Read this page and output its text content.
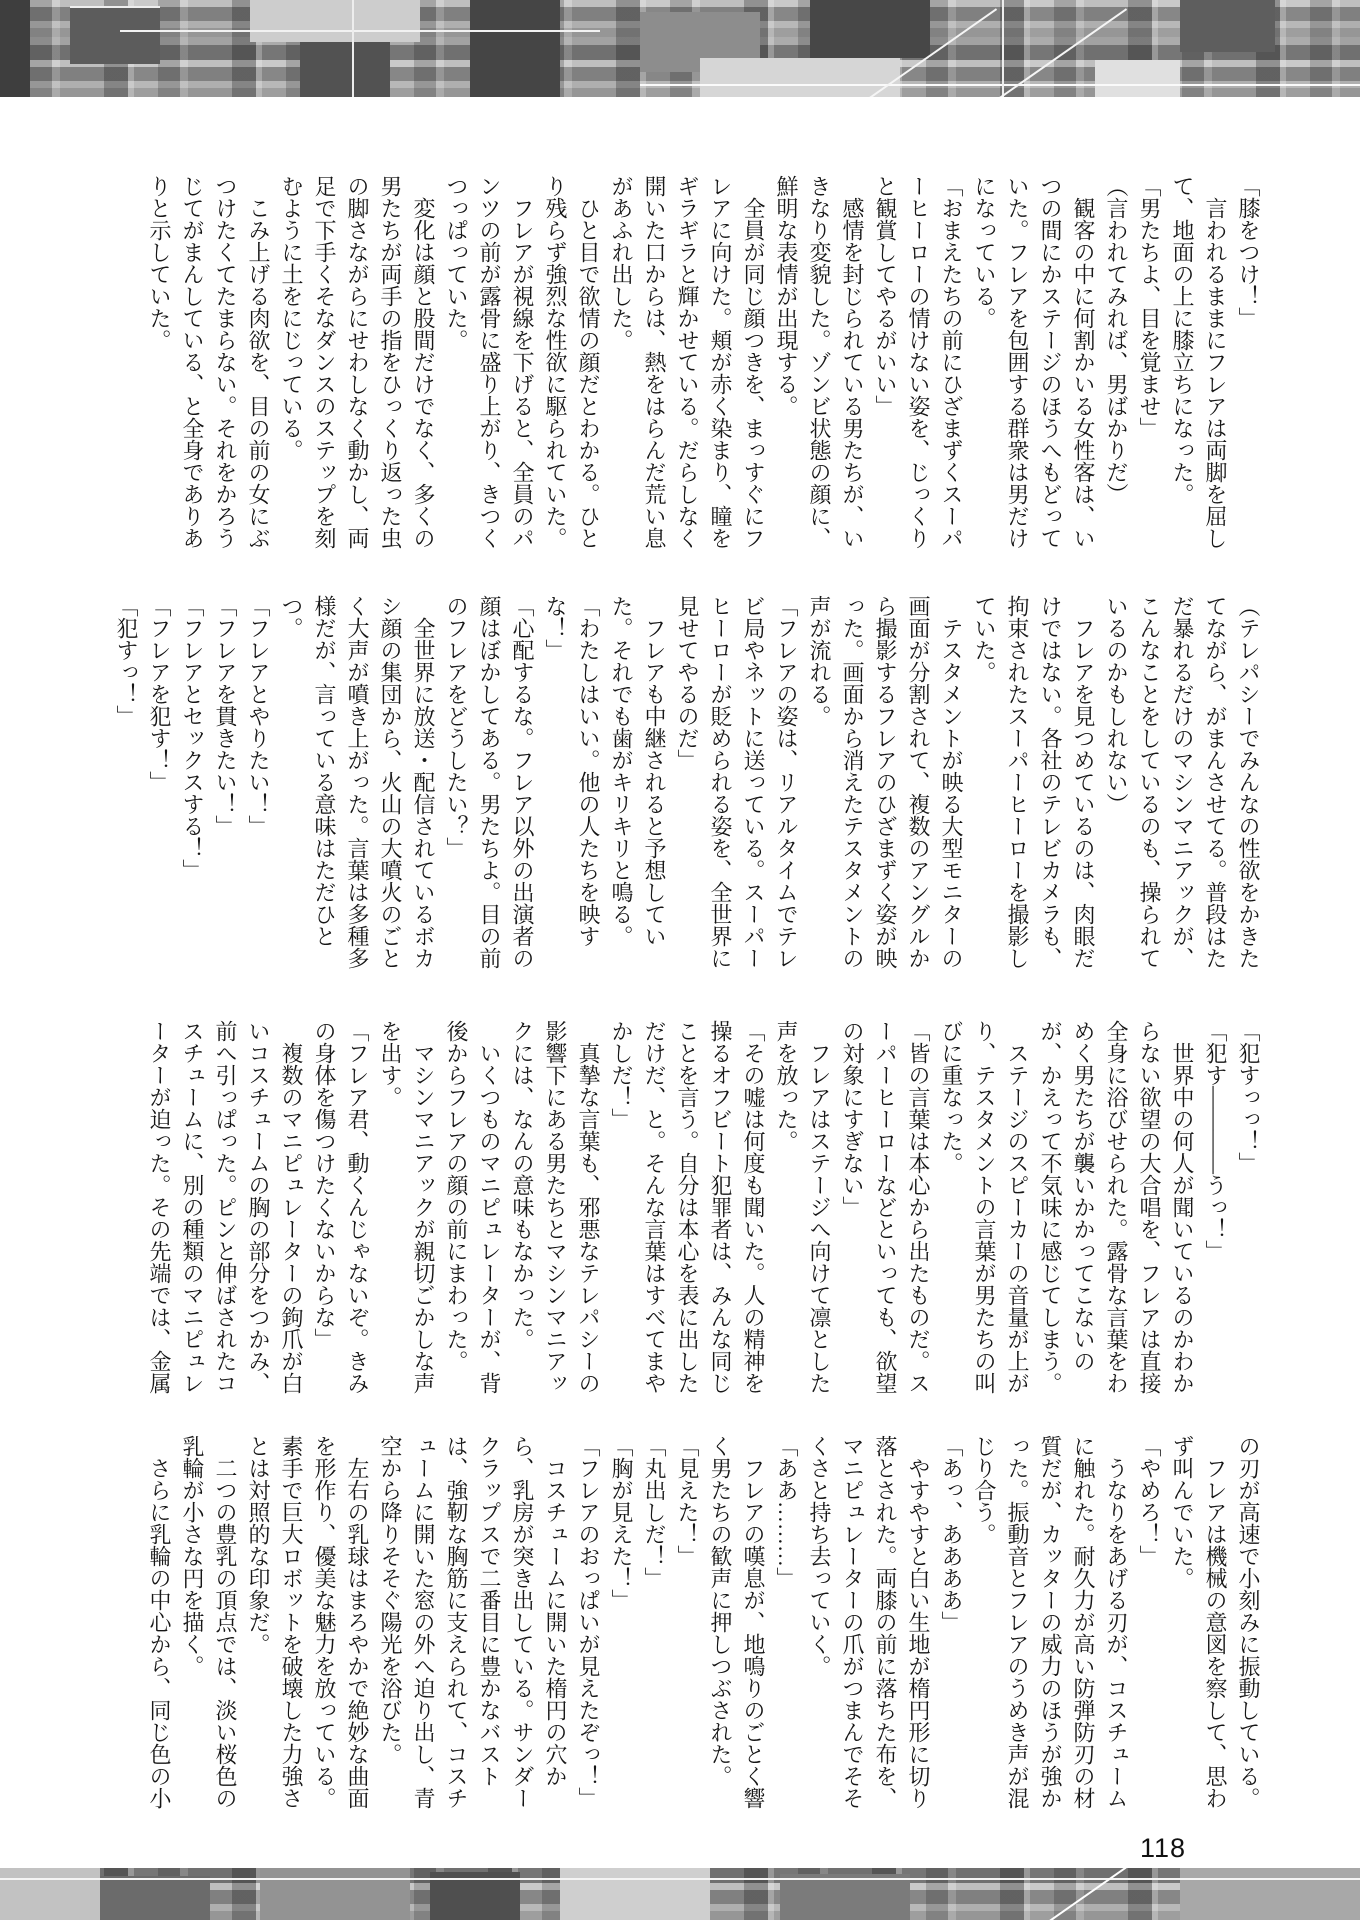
「膝をつけ！」

　言われるままにフレアは両脚を屈して、地面の上に膝立ちになった。

「男たちよ、目を覚ませ」

（言われてみれば、男ばかりだ）

　観客の中に何割かいる女性客は、いつの間にかステージのほうへもどっていた。フレアを包囲する群衆は男だけになっている。

「おまえたちの前にひざまずくスーパーヒーローの情けない姿を、じっくりと観賞してやるがいい」

　感情を封じられている男たちが、いきなり変貌した。ゾンビ状態の顔に、鮮明な表情が出現する。

　全員が同じ顔つきを、まっすぐにフレアに向けた。頬が赤く染まり、瞳をギラギラと輝かせている。だらしなく開いた口からは、熱をはらんだ荒い息があふれ出した。

　ひと目で欲情の顔だとわかる。ひとり残らず強烈な性欲に駆られていた。

　フレアが視線を下げると、全員のパンツの前が露骨に盛り上がり、きつくつっぱっていた。

　変化は顔と股間だけでなく、多くの男たちが両手の指をひっくり返った虫の脚さながらにせわしなく動かし、両足で下手くそなダンスのステップを刻むように土をにじっている。

　こみ上げる肉欲を、目の前の女にぶつけたくてたまらない。それをかろうじてがまんしている、と全身でありありと示していた。

（テレパシーでみんなの性欲をかきたてながら、がまんさせてる。普段はただ暴れるだけのマシンマニアックが、こんなことをしているのも、操られているのかもしれない）

　フレアを見つめているのは、肉眼だけではない。各社のテレビカメラも、拘束されたスーパーヒーローを撮影していた。

　テスタメントが映る大型モニターの画面が分割されて、複数のアングルから撮影するフレアのひざまずく姿が映った。画面から消えたテスタメントの声が流れる。

「フレアの姿は、リアルタイムでテレビ局やネットに送っている。スーパーヒーローが貶められる姿を、全世界に見せてやるのだ」

　フレアも中継されると予想していた。それでも歯がキリキリと鳴る。

「わたしはいい。他の人たちを映すな！」

「心配するな。フレア以外の出演者の顔はぼかしてある。男たちよ。目の前のフレアをどうしたい？」

　全世界に放送・配信されているボカシ顔の集団から、火山の大噴火のごとく大声が噴き上がった。言葉は多種多様だが、言っている意味はただひとつ。

「フレアとやりたい！」

「フレアを貫きたい！」

「フレアとセックスする！」

「フレアを犯す！」

「犯すっ！」

「犯すっっ！」

「犯す――――うっ！」

　世界中の何人が聞いているのかわからない欲望の大合唱を、フレアは直接全身に浴びせられた。露骨な言葉をわめく男たちが襲いかかってこないのが、かえって不気味に感じてしまう。

　ステージのスピーカーの音量が上がり、テスタメントの言葉が男たちの叫びに重なった。

「皆の言葉は本心から出たものだ。スーパーヒーローなどといっても、欲望の対象にすぎない」

　フレアはステージへ向けて凛とした声を放った。

「その嘘は何度も聞いた。人の精神を操るオフビート犯罪者は、みんな同じことを言う。自分は本心を表に出しただけだ、と。そんな言葉はすべてまやかしだ！」

　真摯な言葉も、邪悪なテレパシーの影響下にある男たちとマシンマニアックには、なんの意味もなかった。

　いくつものマニピュレーターが、背後からフレアの顔の前にまわった。

　マシンマニアックが親切ごかしな声を出す。

「フレア君、動くんじゃないぞ。きみの身体を傷つけたくないからな」

　複数のマニピュレーターの鉤爪が白いコスチュームの胸の部分をつかみ、前へ引っぱった。ピンと伸ばされたコスチュームに、別の種類のマニピュレーターが迫った。その先端では、金属

の刃が高速で小刻みに振動している。

　フレアは機械の意図を察して、思わず叫んでいた。

「やめろ！」

　うなりをあげる刃が、コスチュームに触れた。耐久力が高い防弾防刃の材質だが、カッターの威力のほうが強かった。振動音とフレアのうめき声が混じり合う。

「あっ、ああああ」

　やすやすと白い生地が楕円形に切り落とされた。両膝の前に落ちた布を、マニピュレーターの爪がつまんでそそくさと持ち去っていく。

「ああ………」

　フレアの嘆息が、地鳴りのごとく響く男たちの歓声に押しつぶされた。

「見えた！」

「丸出しだ！」

「胸が見えた！」

「フレアのおっぱいが見えたぞっ！」

　コスチュームに開いた楕円の穴から、乳房が突き出している。サンダークラップスで二番目に豊かなバストは、強靭な胸筋に支えられて、コスチュームに開いた窓の外へ迫り出し、青空から降りそそぐ陽光を浴びた。

　左右の乳球はまろやかで絶妙な曲面を形作り、優美な魅力を放っている。素手で巨大ロボットを破壊した力強さとは対照的な印象だ。

　二つの豊乳の頂点では、淡い桜色の乳輪が小さな円を描く。

　さらに乳輪の中心から、同じ色の小

118
